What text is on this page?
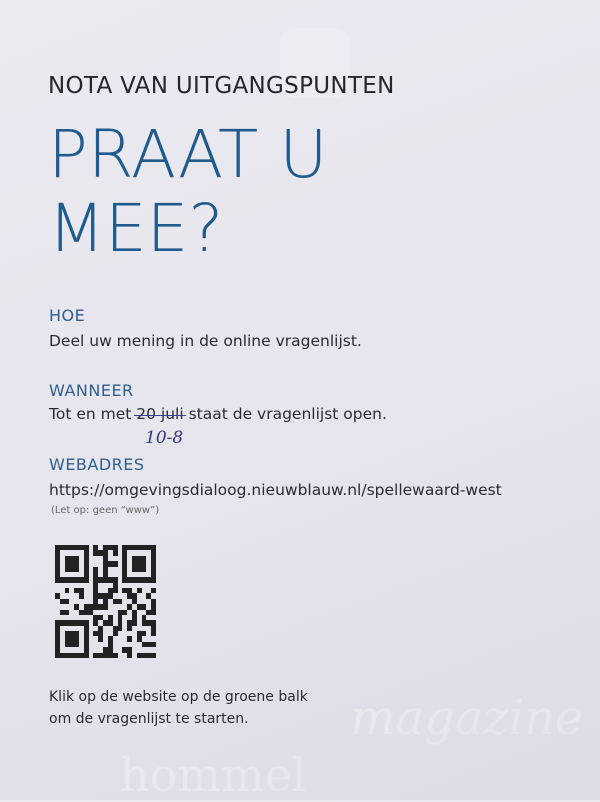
magazine
hommel
NOTA VAN UITGANGSPUNTEN
PRAAT U
MEE?
HOE
Deel uw mening in de online vragenlijst.
WANNEER
Tot en met 20 juli staat de vragenlijst open.
10-8
WEBADRES
https://omgevingsdialoog.nieuwblauw.nl/spellewaard-west
(Let op: geen “www”)
Klik op de website op de groene balk
om de vragenlijst te starten.
